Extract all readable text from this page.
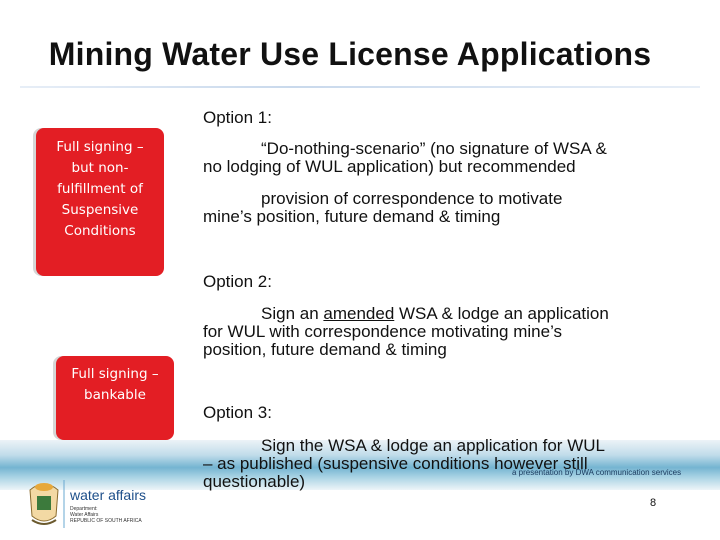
Mining Water Use License Applications
Full signing –
but non-
fulfillment of
Suspensive
Conditions
Full signing –
bankable
Option 1:
“Do-nothing-scenario” (no signature of WSA &
no lodging of WUL application) but recommended
provision of correspondence to motivate
mine’s position, future demand & timing
Option 2:
Sign an amended WSA & lodge an application
for WUL with correspondence motivating mine’s
position, future demand & timing
a presentation by DWA communication services
Option 3:
Sign the WSA & lodge an application for WUL
– as published (suspensive conditions however still
questionable)
water affairs
Department:
Water Affairs
REPUBLIC OF SOUTH AFRICA
8
